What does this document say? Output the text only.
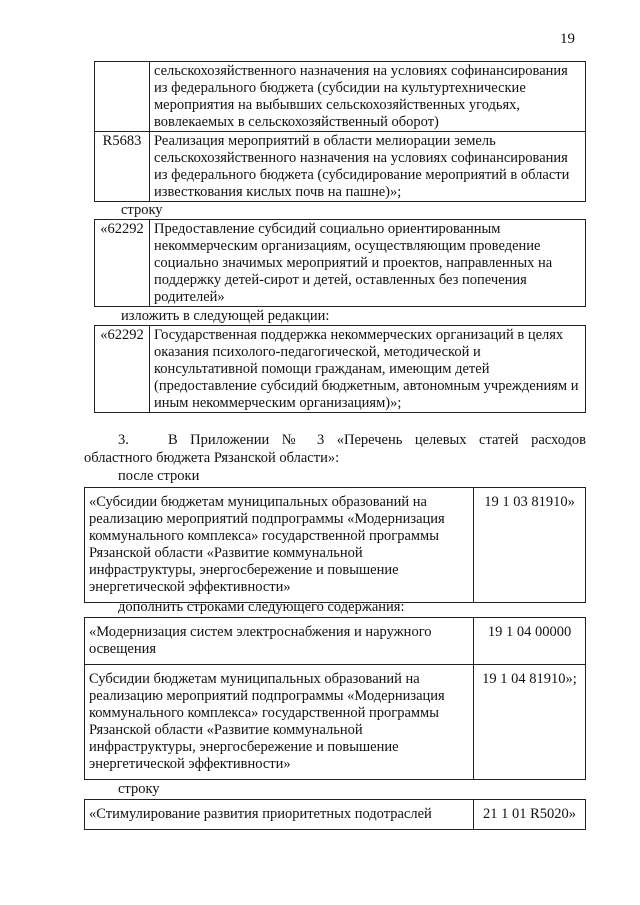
19
	сельскохозяйственного назначения на условиях софинансирования из федерального бюджета (субсидии на культуртехнические мероприятия на выбывших сельскохозяйственных угодьях, вовлекаемых в сельскохозяйственный оборот)
R5683	Реализация мероприятий в области мелиорации земель сельскохозяйственного назначения на условиях софинансирования из федерального бюджета (субсидирование мероприятий в области известкования кислых почв на пашне)»;
строку
«62292	Предоставление субсидий социально ориентированным некоммерческим организациям, осуществляющим проведение социально значимых мероприятий и проектов, направленных на поддержку детей-сирот и детей, оставленных без попечения родителей»
изложить в следующей редакции:
«62292	Государственная поддержка некоммерческих организаций в целях оказания психолого-педагогической, методической и консультативной помощи гражданам, имеющим детей (предоставление субсидий бюджетным, автономным учреждениям и иным некоммерческим организациям)»;
3.	В Приложении № 3 «Перечень целевых статей расходов
областного бюджета Рязанской области»:
после строки
«Субсидии бюджетам муниципальных образований на реализацию мероприятий подпрограммы «Модернизация коммунального комплекса» государственной программы Рязанской области «Развитие коммунальной инфраструктуры, энергосбережение и повышение энергетической эффективности»	19 1 03 81910»
дополнить строками следующего содержания:
«Модернизация систем электроснабжения и наружного освещения	19 1 04 00000
Субсидии бюджетам муниципальных образований на реализацию мероприятий подпрограммы «Модернизация коммунального комплекса» государственной программы Рязанской области «Развитие коммунальной инфраструктуры, энергосбережение и повышение энергетической эффективности»	19 1 04 81910»;
строку
«Стимулирование развития приоритетных подотраслей	21 1 01 R5020»
